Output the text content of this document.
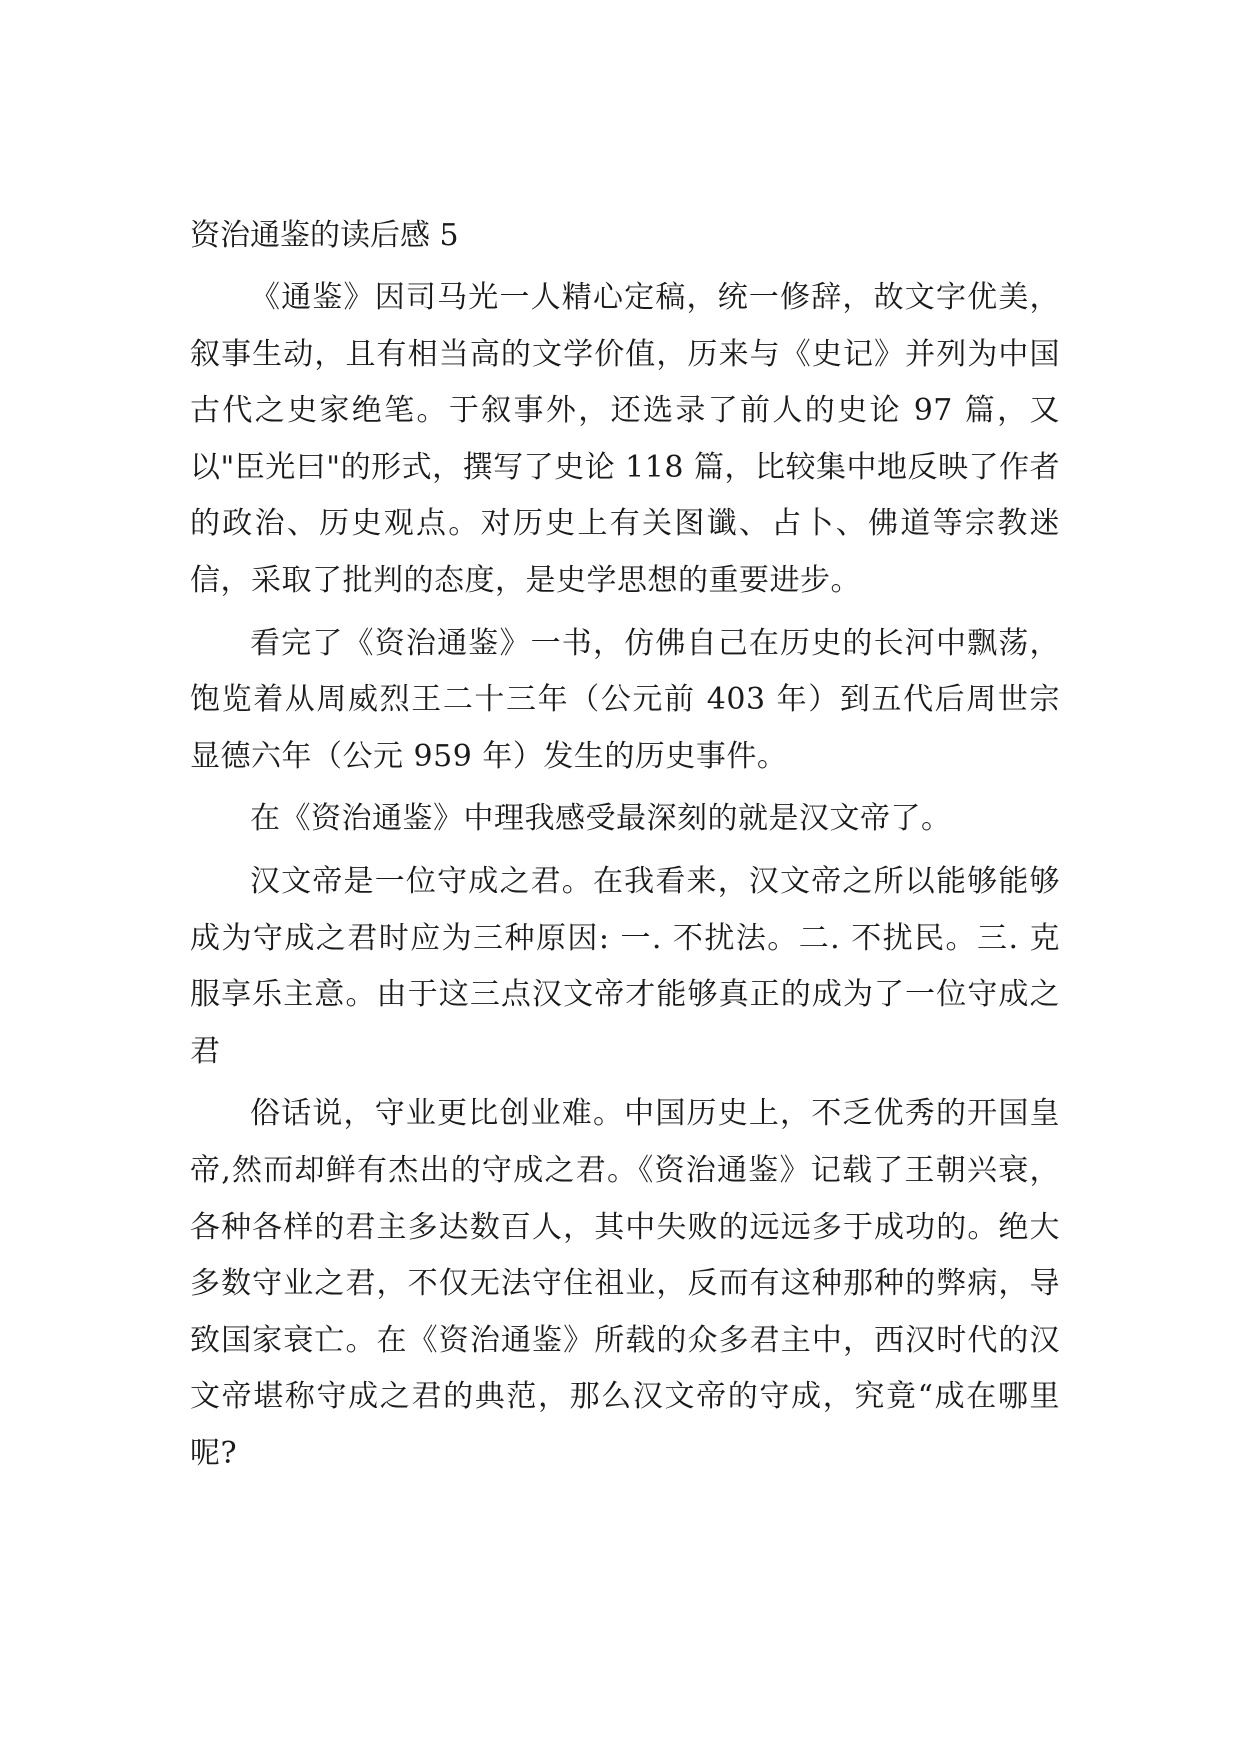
资治通鉴的读后感 5

《通鉴》因司马光一人精心定稿，统一修辞，故文字优美，叙事生动，且有相当高的文学价值，历来与《史记》并列为中国古代之史家绝笔。于叙事外，还选录了前人的史论 97 篇，又以"臣光曰"的形式，撰写了史论 118 篇，比较集中地反映了作者的政治、历史观点。对历史上有关图谶、占卜、佛道等宗教迷信，采取了批判的态度，是史学思想的重要进步。

看完了《资治通鉴》一书，仿佛自己在历史的长河中飘荡，饱览着从周威烈王二十三年（公元前 403 年）到五代后周世宗显德六年（公元 959 年）发生的历史事件。

在《资治通鉴》中理我感受最深刻的就是汉文帝了。

汉文帝是一位守成之君。在我看来，汉文帝之所以能够能够成为守成之君时应为三种原因: 一. 不扰法。二. 不扰民。三. 克服享乐主意。由于这三点汉文帝才能够真正的成为了一位守成之君

俗话说，守业更比创业难。中国历史上，不乏优秀的开国皇帝,然而却鲜有杰出的守成之君。《资治通鉴》记载了王朝兴衰，各种各样的君主多达数百人，其中失败的远远多于成功的。绝大多数守业之君，不仅无法守住祖业，反而有这种那种的弊病，导致国家衰亡。在《资治通鉴》所载的众多君主中，西汉时代的汉文帝堪称守成之君的典范，那么汉文帝的守成，究竟“成在哪里呢?
